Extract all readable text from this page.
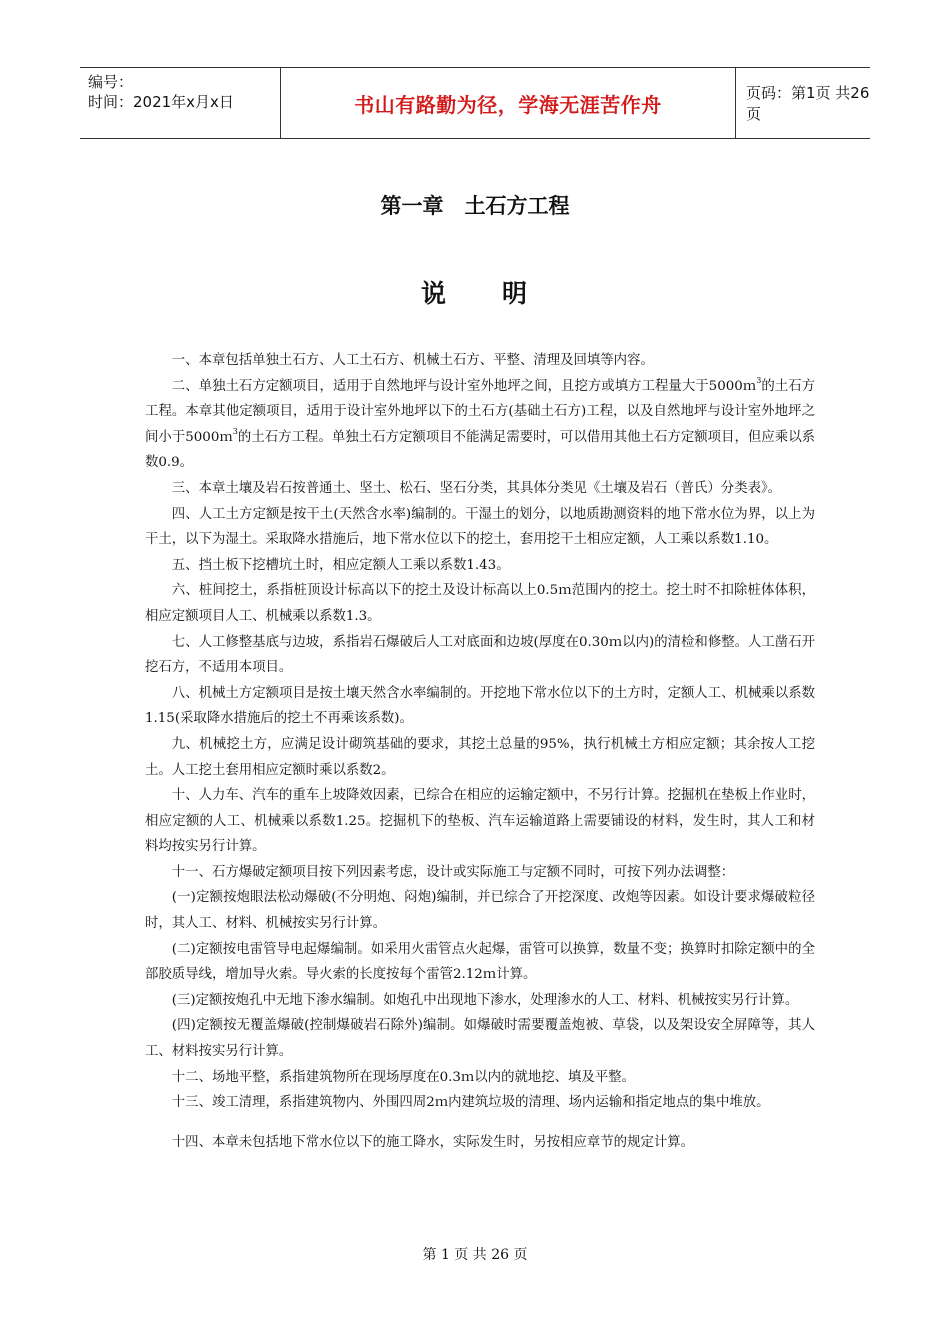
编号：
时间：2021年x月x日	书山有路勤为径，学海无涯苦作舟	页码：第1页 共26页
第一章　土石方工程
说　　明

一、本章包括单独土石方、人工土石方、机械土石方、平整、清理及回填等内容。

二、单独土石方定额项目，适用于自然地坪与设计室外地坪之间，且挖方或填方工程量大于5000ｍ$^3$的土石方工程。本章其他定额项目，适用于设计室外地坪以下的土石方(基础土石方)工程，以及自然地坪与设计室外地坪之间小于5000ｍ$^3$的土石方工程。单独土石方定额项目不能满足需要时，可以借用其他土石方定额项目，但应乘以系数0.9。

三、本章土壤及岩石按普通土、坚土、松石、坚石分类，其具体分类见《土壤及岩石（普氏）分类表》。

四、人工土方定额是按干土(天然含水率)编制的。干湿土的划分，以地质勘测资料的地下常水位为界，以上为干土，以下为湿土。采取降水措施后，地下常水位以下的挖土，套用挖干土相应定额，人工乘以系数1.10。

五、挡土板下挖槽坑土时，相应定额人工乘以系数1.43。

六、桩间挖土，系指桩顶设计标高以下的挖土及设计标高以上0.5ｍ范围内的挖土。挖土时不扣除桩体体积，相应定额项目人工、机械乘以系数1.3。

七、人工修整基底与边坡，系指岩石爆破后人工对底面和边坡(厚度在0.30ｍ以内)的清检和修整。人工凿石开挖石方，不适用本项目。

八、机械土方定额项目是按土壤天然含水率编制的。开挖地下常水位以下的土方时，定额人工、机械乘以系数1.15(采取降水措施后的挖土不再乘该系数)。

九、机械挖土方，应满足设计砌筑基础的要求，其挖土总量的95%，执行机械土方相应定额；其余按人工挖土。人工挖土套用相应定额时乘以系数2。

十、人力车、汽车的重车上坡降效因素，已综合在相应的运输定额中，不另行计算。挖掘机在垫板上作业时，相应定额的人工、机械乘以系数1.25。挖掘机下的垫板、汽车运输道路上需要铺设的材料，发生时，其人工和材料均按实另行计算。

十一、石方爆破定额项目按下列因素考虑，设计或实际施工与定额不同时，可按下列办法调整：

(一)定额按炮眼法松动爆破(不分明炮、闷炮)编制，并已综合了开挖深度、改炮等因素。如设计要求爆破粒径时，其人工、材料、机械按实另行计算。

(二)定额按电雷管导电起爆编制。如采用火雷管点火起爆，雷管可以换算，数量不变；换算时扣除定额中的全部胶质导线，增加导火索。导火索的长度按每个雷管2.12ｍ计算。

(三)定额按炮孔中无地下渗水编制。如炮孔中出现地下渗水，处理渗水的人工、材料、机械按实另行计算。

(四)定额按无覆盖爆破(控制爆破岩石除外)编制。如爆破时需要覆盖炮被、草袋，以及架设安全屏障等，其人工、材料按实另行计算。

十二、场地平整，系指建筑物所在现场厚度在0.3ｍ以内的就地挖、填及平整。

十三、竣工清理，系指建筑物内、外围四周2ｍ内建筑垃圾的清理、场内运输和指定地点的集中堆放。

十四、本章未包括地下常水位以下的施工降水，实际发生时，另按相应章节的规定计算。

第 1 页 共 26 页
